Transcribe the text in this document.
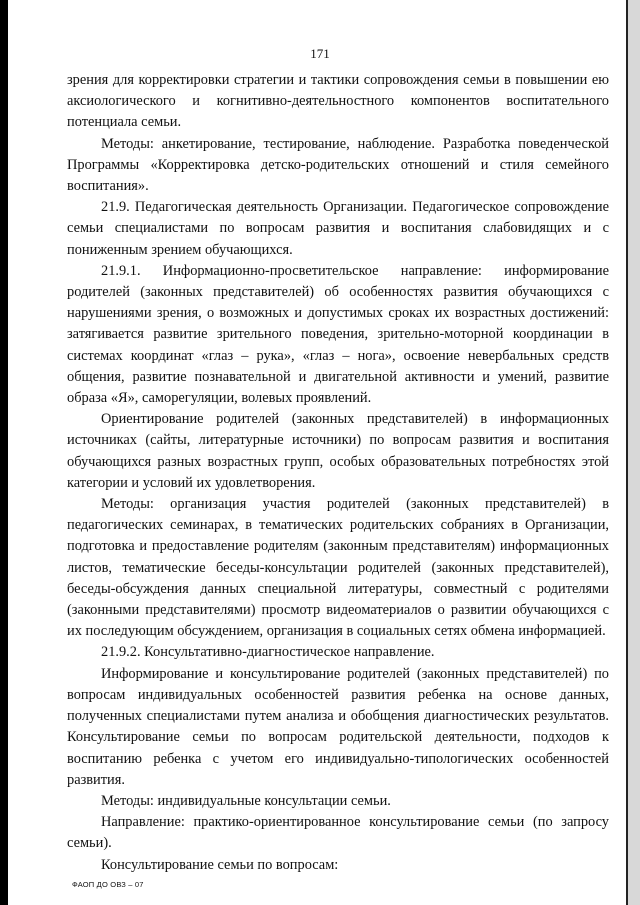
171

зрения для корректировки стратегии и тактики сопровождения семьи в повышении ею аксиологического и когнитивно-деятельностного компонентов воспитательного потенциала семьи.

Методы: анкетирование, тестирование, наблюдение. Разработка поведенческой Программы «Корректировка детско-родительских отношений и стиля семейного воспитания».

21.9. Педагогическая деятельность Организации. Педагогическое сопровождение семьи специалистами по вопросам развития и воспитания слабовидящих и с пониженным зрением обучающихся.

21.9.1. Информационно-просветительское направление: информирование родителей (законных представителей) об особенностях развития обучающихся с нарушениями зрения, о возможных и допустимых сроках их возрастных достижений: затягивается развитие зрительного поведения, зрительно-моторной координации в системах координат «глаз – рука», «глаз – нога», освоение невербальных средств общения, развитие познавательной и двигательной активности и умений, развитие образа «Я», саморегуляции, волевых проявлений.

Ориентирование родителей (законных представителей) в информационных источниках (сайты, литературные источники) по вопросам развития и воспитания обучающихся разных возрастных групп, особых образовательных потребностях этой категории и условий их удовлетворения.

Методы: организация участия родителей (законных представителей) в педагогических семинарах, в тематических родительских собраниях в Организации, подготовка и предоставление родителям (законным представителям) информационных листов, тематические беседы-консультации родителей (законных представителей), беседы-обсуждения данных специальной литературы, совместный с родителями (законными представителями) просмотр видеоматериалов о развитии обучающихся с их последующим обсуждением, организация в социальных сетях обмена информацией.

21.9.2. Консультативно-диагностическое направление.

Информирование и консультирование родителей (законных представителей) по вопросам индивидуальных особенностей развития ребенка на основе данных, полученных специалистами путем анализа и обобщения диагностических результатов. Консультирование семьи по вопросам родительской деятельности, подходов к воспитанию ребенка с учетом его индивидуально-типологических особенностей развития.

Методы: индивидуальные консультации семьи.

Направление: практико-ориентированное консультирование семьи (по запросу семьи).

Консультирование семьи по вопросам:

ФАОП ДО ОВЗ – 07
